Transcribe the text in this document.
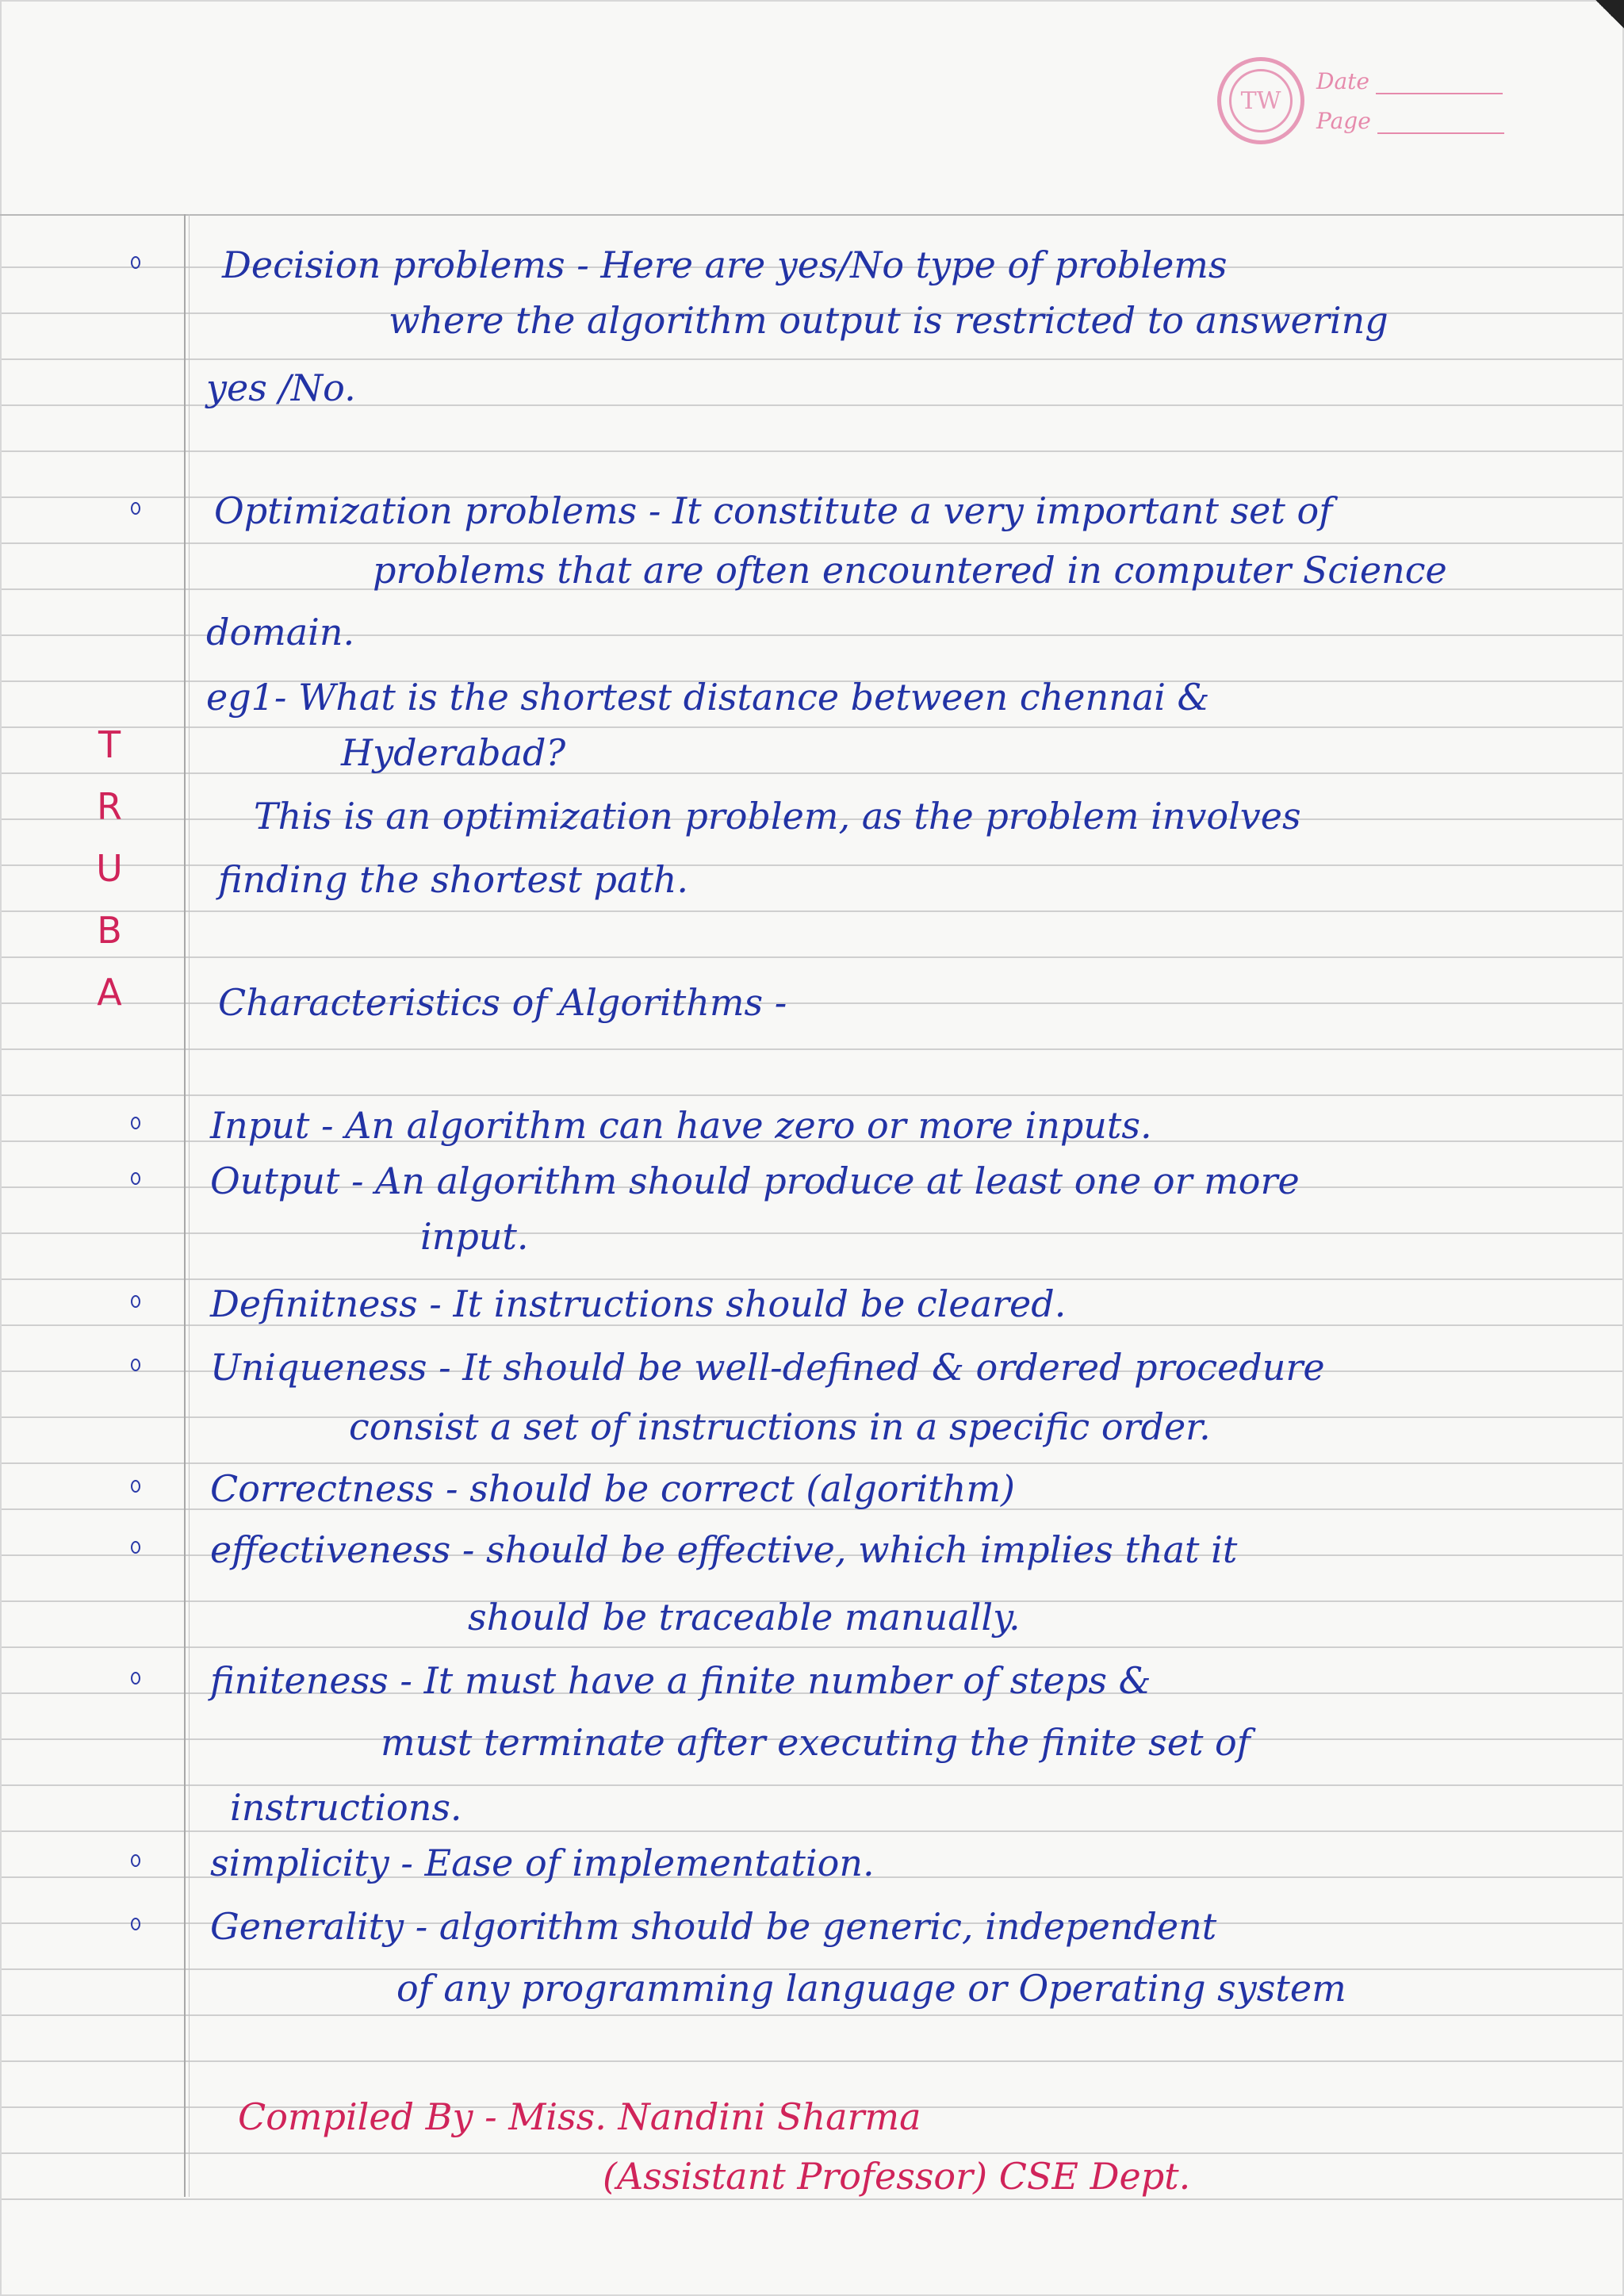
TW
Date
Page
T
R
U
B
A
Decision problems - Here are yes/No type of problems
where the algorithm output is restricted to answering
yes /No.
Optimization problems - It constitute a very important set of
problems that are often encountered in computer Science
domain.
eg1- What is the shortest distance between chennai &
Hyderabad?
This is an optimization problem, as the problem involves
finding the shortest path.
Characteristics of Algorithms -
Input - An algorithm can have zero or more inputs.
Output - An algorithm should produce at least one or more
input.
Definitness - It instructions should be cleared.
Uniqueness - It should be well-defined & ordered procedure
consist a set of instructions in a specific order.
Correctness - should be correct (algorithm)
effectiveness - should be effective, which implies that it
should be traceable manually.
finiteness - It must have a finite number of steps &
must terminate after executing the finite set of
instructions.
simplicity - Ease of implementation.
Generality - algorithm should be generic, independent
of any programming language or Operating system
Compiled By - Miss. Nandini Sharma
(Assistant Professor) CSE Dept.
